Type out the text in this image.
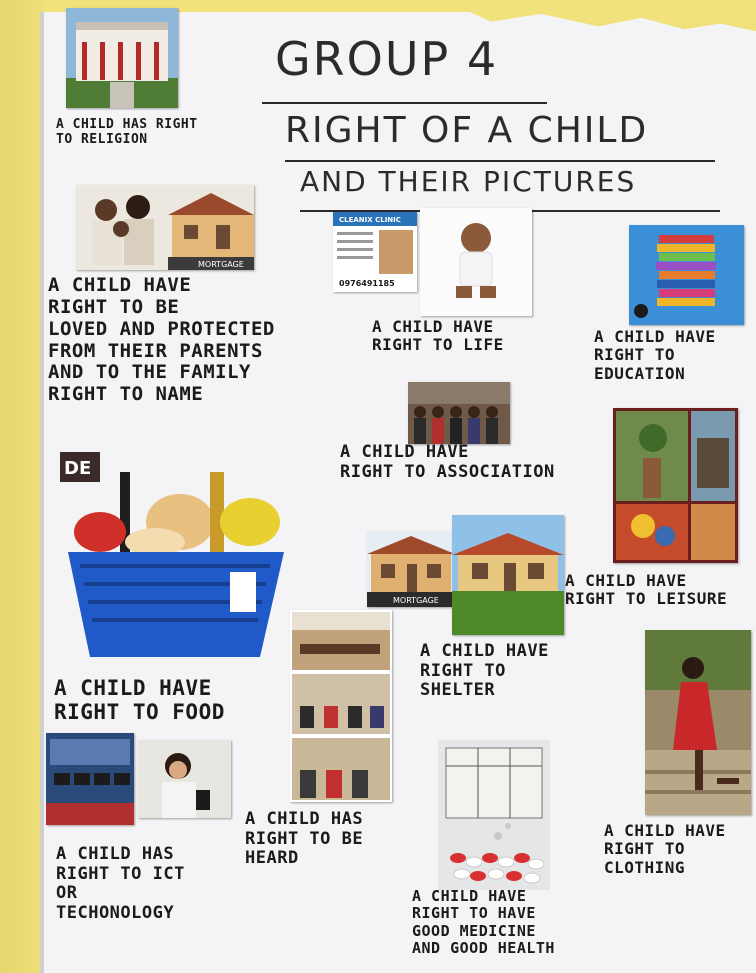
GROUP 4
RIGHT OF A CHILD
AND THEIR PICTURES
A CHILD HAS RIGHT
TO RELIGION
MORTGAGE
CLEANIX CLINIC
0976491185
A CHILD HAVE
RIGHT TO BE
LOVED AND PROTECTED
FROM THEIR PARENTS
AND TO THE FAMILY
RIGHT TO NAME
A CHILD HAVE
RIGHT TO LIFE	A CHILD HAVE
RIGHT TO
EDUCATION
A CHILD HAVE
RIGHT TO ASSOCIATION
DE
MORTGAGE
A CHILD HAVE
RIGHT TO LEISURE
A CHILD HAVE
RIGHT TO
SHELTER
A CHILD HAVE
RIGHT TO FOOD
A CHILD HAS
RIGHT TO BE
HEARD
A CHILD HAVE
RIGHT TO
CLOTHING
A CHILD HAS
RIGHT TO ICT
OR
TECHONOLOGY
A CHILD HAVE
RIGHT TO HAVE
GOOD MEDICINE
AND GOOD HEALTH
